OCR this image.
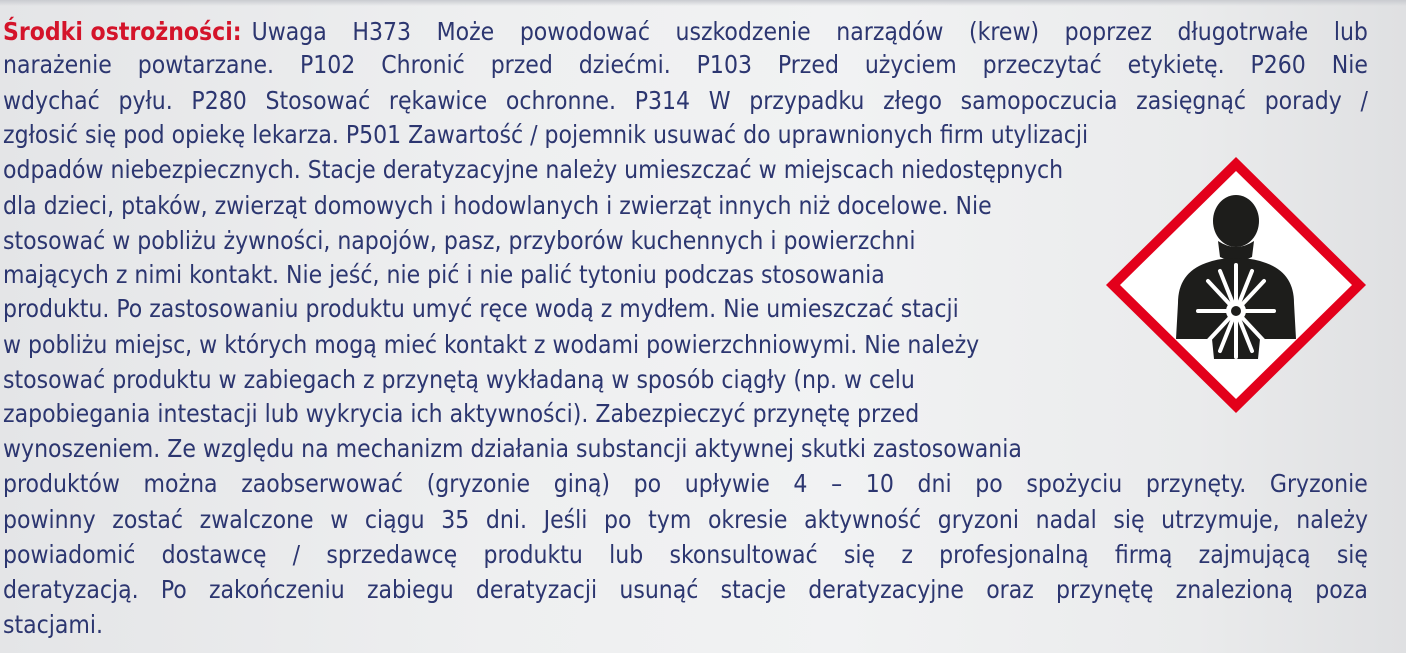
Środki ostrożności: Uwaga H373 Może powodować uszkodzenie narządów (krew) poprzez długotrwałe lub
narażenie powtarzane. P102 Chronić przed dziećmi. P103 Przed użyciem przeczytać etykietę. P260 Nie
wdychać pyłu. P280 Stosować rękawice ochronne. P314 W przypadku złego samopoczucia zasięgnąć porady /
zgłosić się pod opiekę lekarza. P501 Zawartość / pojemnik usuwać do uprawnionych firm utylizacji
odpadów niebezpiecznych. Stacje deratyzacyjne należy umieszczać w miejscach niedostępnych
dla dzieci, ptaków, zwierząt domowych i hodowlanych i zwierząt innych niż docelowe. Nie
stosować w pobliżu żywności, napojów, pasz, przyborów kuchennych i powierzchni
mających z nimi kontakt. Nie jeść, nie pić i nie palić tytoniu podczas stosowania
produktu. Po zastosowaniu produktu umyć ręce wodą z mydłem. Nie umieszczać stacji
w pobliżu miejsc, w których mogą mieć kontakt z wodami powierzchniowymi. Nie należy
stosować produktu w zabiegach z przynętą wykładaną w sposób ciągły (np. w celu
zapobiegania intestacji lub wykrycia ich aktywności). Zabezpieczyć przynętę przed
wynoszeniem. Ze względu na mechanizm działania substancji aktywnej skutki zastosowania
produktów można zaobserwować (gryzonie giną) po upływie 4 – 10 dni po spożyciu przynęty. Gryzonie
powinny zostać zwalczone w ciągu 35 dni. Jeśli po tym okresie aktywność gryzoni nadal się utrzymuje, należy
powiadomić dostawcę / sprzedawcę produktu lub skonsultować się z profesjonalną firmą zajmującą się
deratyzacją. Po zakończeniu zabiegu deratyzacji usunąć stacje deratyzacyjne oraz przynętę znalezioną poza
stacjami.
